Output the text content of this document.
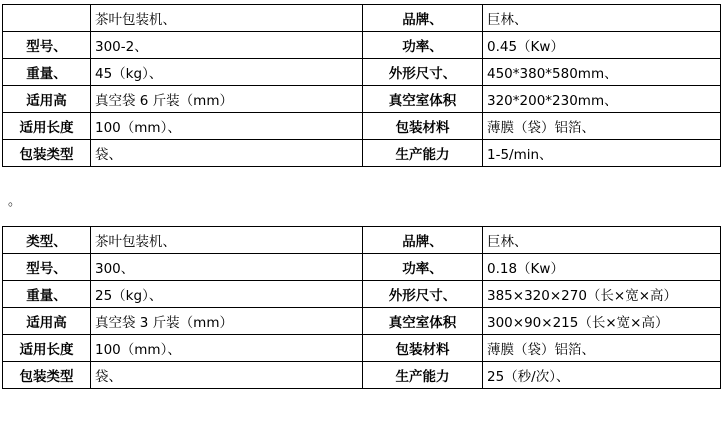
	茶叶包装机、	品牌、	巨林、
型号、	300-2、	功率、	0.45（Kw）
重量、	45（kg）、	外形尺寸、	450*380*580mm、
适用高	真空袋 6 斤装（mm）	真空室体积	320*200*230mm、
适用长度	100（mm）、	包装材料	薄膜（袋）铝箔、
包装类型	袋、	生产能力	1-5/min、
。
类型、	茶叶包装机、	品牌、	巨林、
型号、	300、	功率、	0.18（Kw）
重量、	25（kg）、	外形尺寸、	385×320×270（长×宽×高）
适用高	真空袋 3 斤装（mm）	真空室体积	300×90×215（长×宽×高）
适用长度	100（mm）、	包装材料	薄膜（袋）铝箔、
包装类型	袋、	生产能力	25（秒/次）、
